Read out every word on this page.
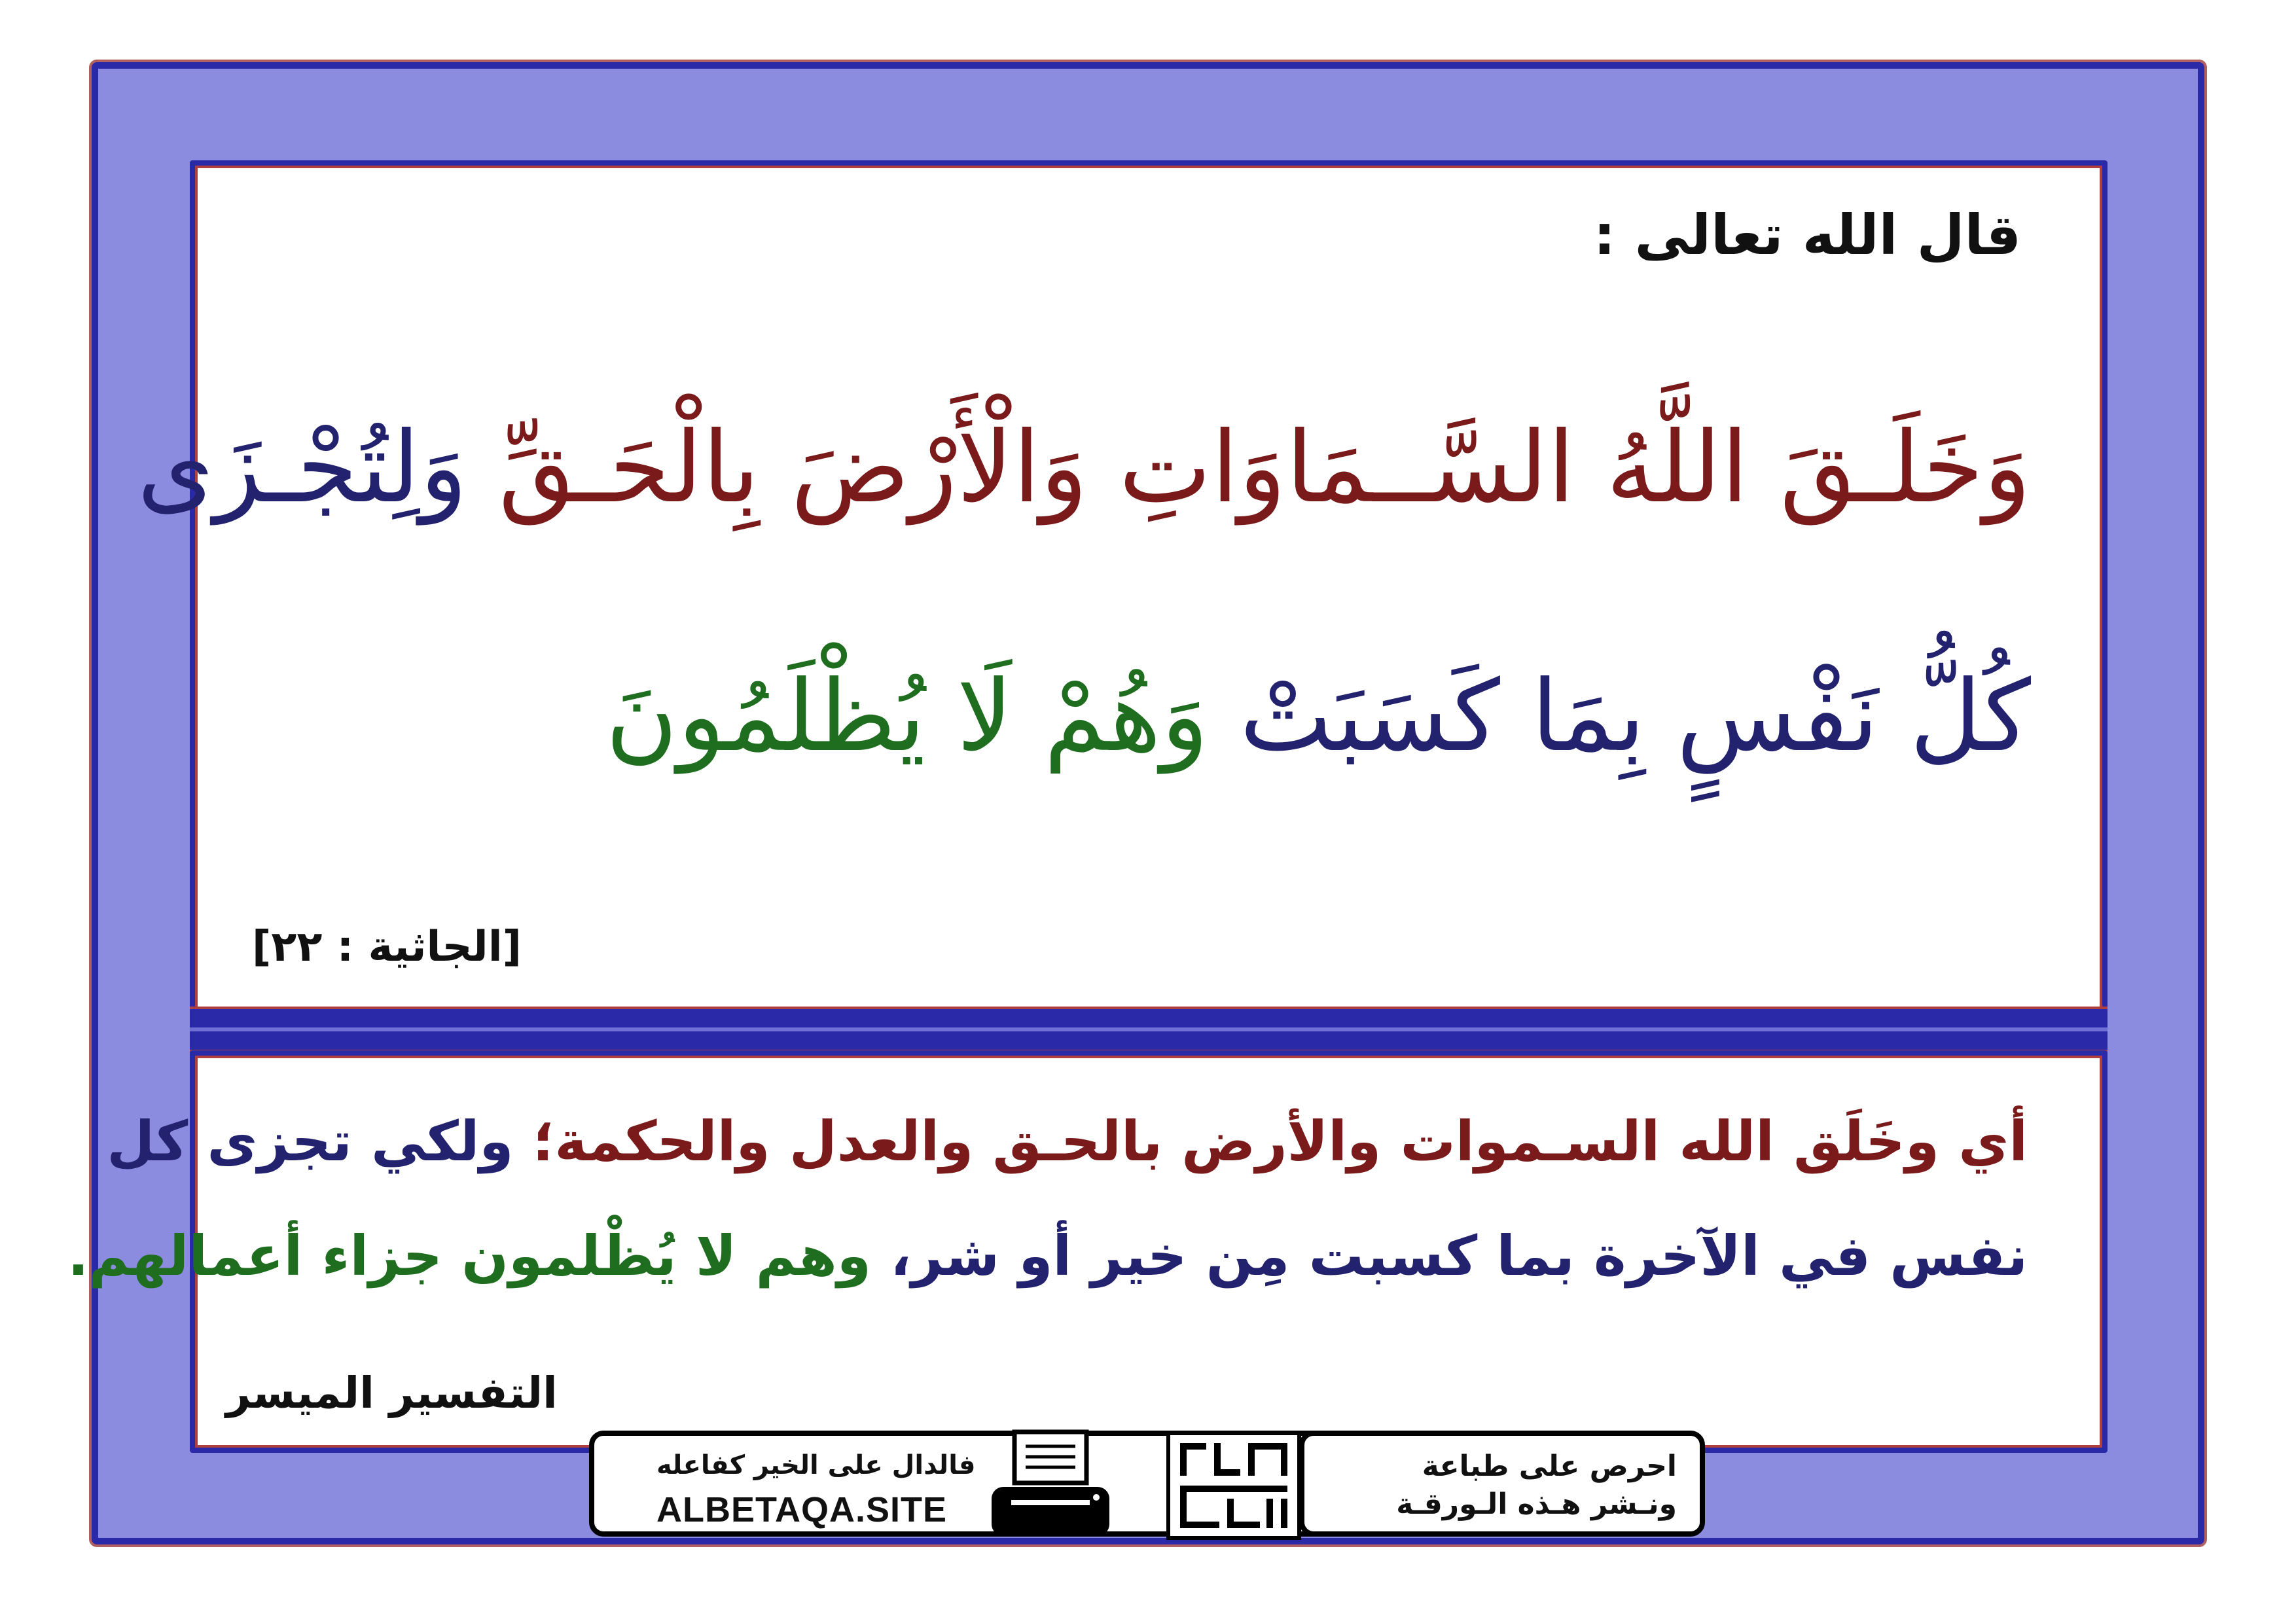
قال الله تعالى :
وَخَلَـقَ اللَّهُ السَّــمَاوَاتِ وَالْأَرْضَ بِالْحَـقِّ وَلِتُجْـزَى
كُلُّ نَفْسٍ بِمَا كَسَبَتْ وَهُمْ لَا يُظْلَمُونَ
[الجاثية : ٢٢]
أي وخَلَق الله السـموات والأرض بالحـق والعدل والحكمة؛ ولكي تجزى كل
نفس في الآخرة بما كسبت مِن خير أو شر، وهم لا يُظْلمون جزاء أعمالهم.
التفسير الميسر
فالدال على الخير كفاعله
ALBETAQA.SITE
احرص على طباعة
ونـشر هـذه الـورقـة
